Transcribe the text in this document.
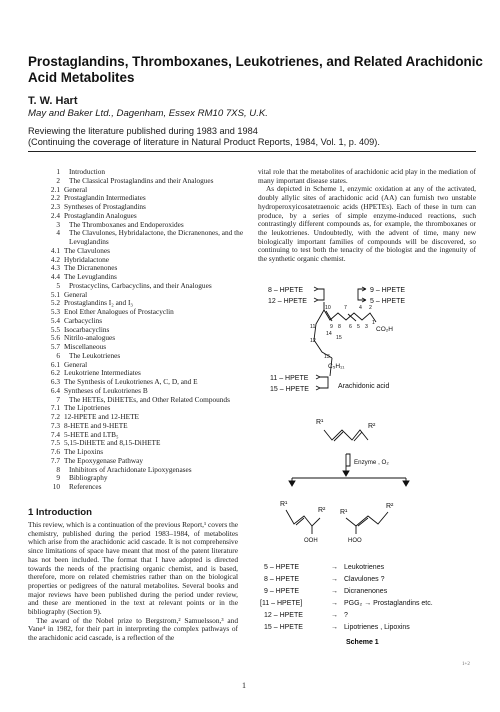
Prostaglandins, Thromboxanes, Leukotrienes, and Related Arachidonic Acid Metabolites
T. W. Hart
May and Baker Ltd., Dagenham, Essex RM10 7XS, U.K.
Reviewing the literature published during 1983 and 1984
(Continuing the coverage of literature in Natural Product Reports, 1984, Vol. 1, p. 409).
1	Introduction
2	The Classical Prostaglandins and their Analogues
2.1 General
2.2 Prostaglandin Intermediates
2.3 Syntheses of Prostaglandins
2.4 Prostaglandin Analogues
3	The Thromboxanes and Endoperoxides
4	The Clavulones, Hybridalactone, the Dicranenones, and the Levuglandins
4.1 The Clavulones
4.2 Hybridalactone
4.3 The Dicranenones
4.4 The Levuglandins
5	Prostacyclins, Carbacyclins, and their Analogues
5.1 General
5.2 Prostaglandins I₂ and I₃
5.3 Enol Ether Analogues of Prostacyclin
5.4 Carbacyclins
5.5 Isocarbacyclins
5.6 Nitrilo-analogues
5.7 Miscellaneous
6	The Leukotrienes
6.1 General
6.2 Leukotriene Intermediates
6.3 The Synthesis of Leukotrienes A, C, D, and E
6.4 Syntheses of Leukotrienes B
7	The HETEs, DiHETEs, and Other Related Compounds
7.1 The Lipotrienes
7.2 12-HPETE and 12-HETE
7.3 8-HETE and 9-HETE
7.4 5-HETE and LTB₅
7.5 5,15-DiHETE and 8,15-DiHETE
7.6 The Lipoxins
7.7 The Epoxygenase Pathway
8	Inhibitors of Arachidonate Lipoxygenases
9	Bibliography
10	References
1 Introduction
This review, which is a continuation of the previous Report,¹ covers the chemistry, published during the period 1983–1984, of metabolites which arise from the arachidonic acid cascade. It is not comprehensive since limitations of space have meant that most of the patent literature has not been included. The format that I have adopted is directed towards the needs of the practising organic chemist, and is based, therefore, more on related chemistries rather than on the biological properties or pedigrees of the natural metabolites. Several books and major reviews have been published during the period under review, and these are mentioned in the text at relevant points or in the bibliography (Section 9).
The award of the Nobel prize to Bergstrom,² Samuelsson,³ and Vane⁴ in 1982, for their part in interpreting the complex pathways of the arachidonic acid cascade, is a reflection of the
vital role that the metabolites of arachidonic acid play in the mediation of many important disease states.
As depicted in Scheme 1, enzymic oxidation at any of the activated, doubly allylic sites of arachidonic acid (AA) can furnish two unstable hydroperoxyicosatetraenoic acids (HPETEs). Each of these in turn can produce, by a series of simple enzyme-induced reactions, such contrastingly different compounds as, for example, the thromboxanes or the leukotrienes. Undoubtedly, with the advent of time, many new biologically important families of compounds will be discovered, so continuing to test both the tenacity of the biologist and the ingenuity of the synthetic organic chemist.
8 – HPETE
12 – HPETE
9 – HPETE
5 – HPETE
11 – HPETE
15 – HPETE	Arachidonic acid
CO₂H
C₅H₁₁
10	7 4 2
11	9 8 6 5 3
1
14
15
12
13
R¹
R²
Enzyme , O₂
R¹
R² R¹
R²
OOH	HOO
5 – HPETE	→ Leukotrienes
8 – HPETE	→ Clavulones ?
9 – HPETE	→ Dicranenones
[11 – HPETE]	→ PGG₂ → Prostaglandins etc.
12 – HPETE	→ ?
15 – HPETE	→ Lipotrienes , Lipoxins
Scheme 1
1
1+2
